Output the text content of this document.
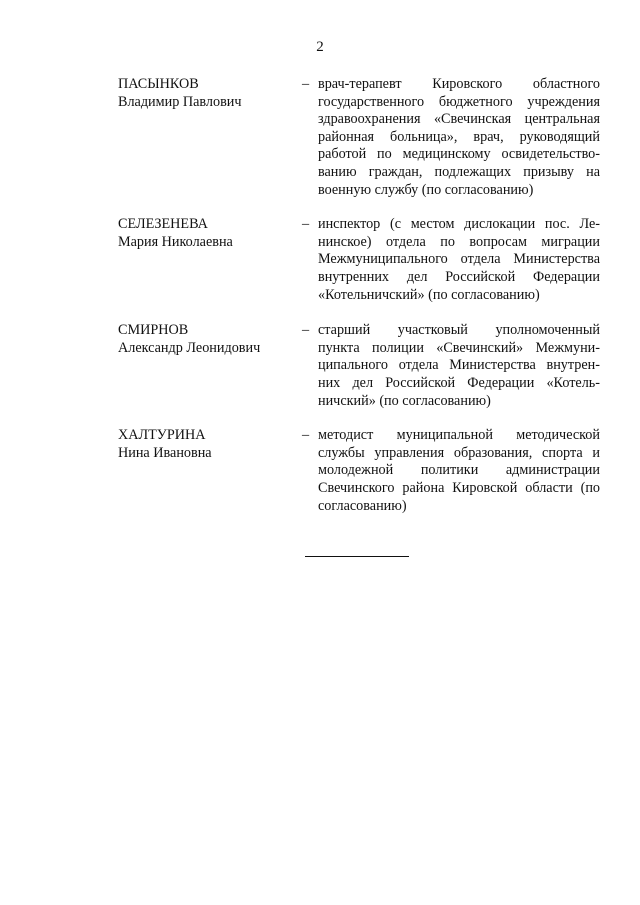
2
ПАСЫНКОВ
Владимир Павлович
– врач-терапевт Кировского областного
государственного бюджетного учреждения
здравоохранения «Свечинская центральная
районная больница», врач, руководящий
работой по медицинскому освидетельство-
ванию граждан, подлежащих призыву на
военную службу (по согласованию)
СЕЛЕЗЕНЕВА
Мария Николаевна
– инспектор (с местом дислокации пос. Ле-
нинское) отдела по вопросам миграции
Межмуниципального отдела Министерства
внутренних дел Российской Федерации
«Котельничский» (по согласованию)
СМИРНОВ
Александр Леонидович
– старший участковый уполномоченный
пункта полиции «Свечинский» Межмуни-
ципального отдела Министерства внутрен-
них дел Российской Федерации «Котель-
ничский» (по согласованию)
ХАЛТУРИНА
Нина Ивановна
– методист муниципальной методической
службы управления образования, спорта и
молодежной политики администрации
Свечинского района Кировской области (по
согласованию)
